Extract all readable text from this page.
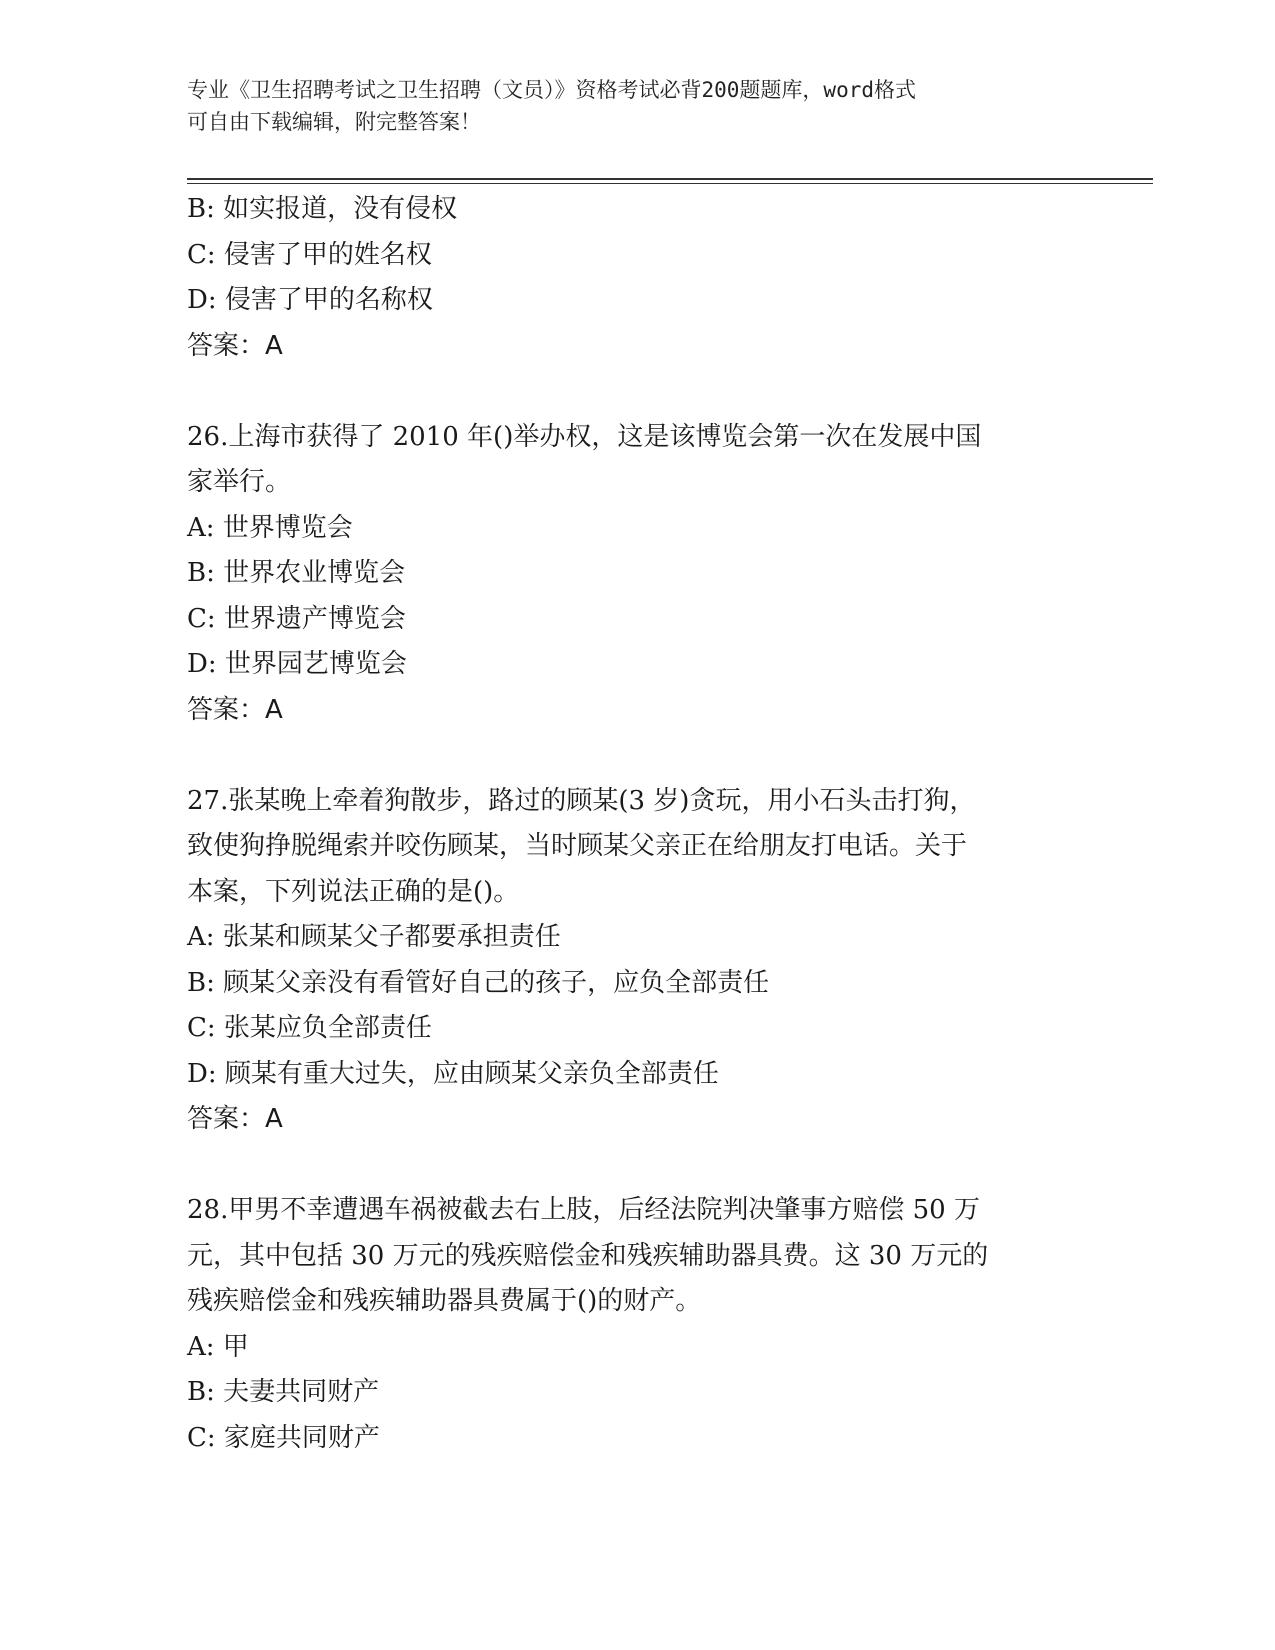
专业《卫生招聘考试之卫生招聘（文员）》资格考试必背200题题库，word格式
可自由下载编辑，附完整答案！
B: 如实报道，没有侵权
C: 侵害了甲的姓名权
D: 侵害了甲的名称权
答案：A
26.上海市获得了 2010 年()举办权，这是该博览会第一次在发展中国
家举行。
A: 世界博览会
B: 世界农业博览会
C: 世界遗产博览会
D: 世界园艺博览会
答案：A
27.张某晚上牵着狗散步，路过的顾某(3 岁)贪玩，用小石头击打狗，
致使狗挣脱绳索并咬伤顾某，当时顾某父亲正在给朋友打电话。关于
本案，下列说法正确的是()。
A: 张某和顾某父子都要承担责任
B: 顾某父亲没有看管好自己的孩子，应负全部责任
C: 张某应负全部责任
D: 顾某有重大过失，应由顾某父亲负全部责任
答案：A
28.甲男不幸遭遇车祸被截去右上肢，后经法院判决肇事方赔偿 50 万
元，其中包括 30 万元的残疾赔偿金和残疾辅助器具费。这 30 万元的
残疾赔偿金和残疾辅助器具费属于()的财产。
A: 甲
B: 夫妻共同财产
C: 家庭共同财产
